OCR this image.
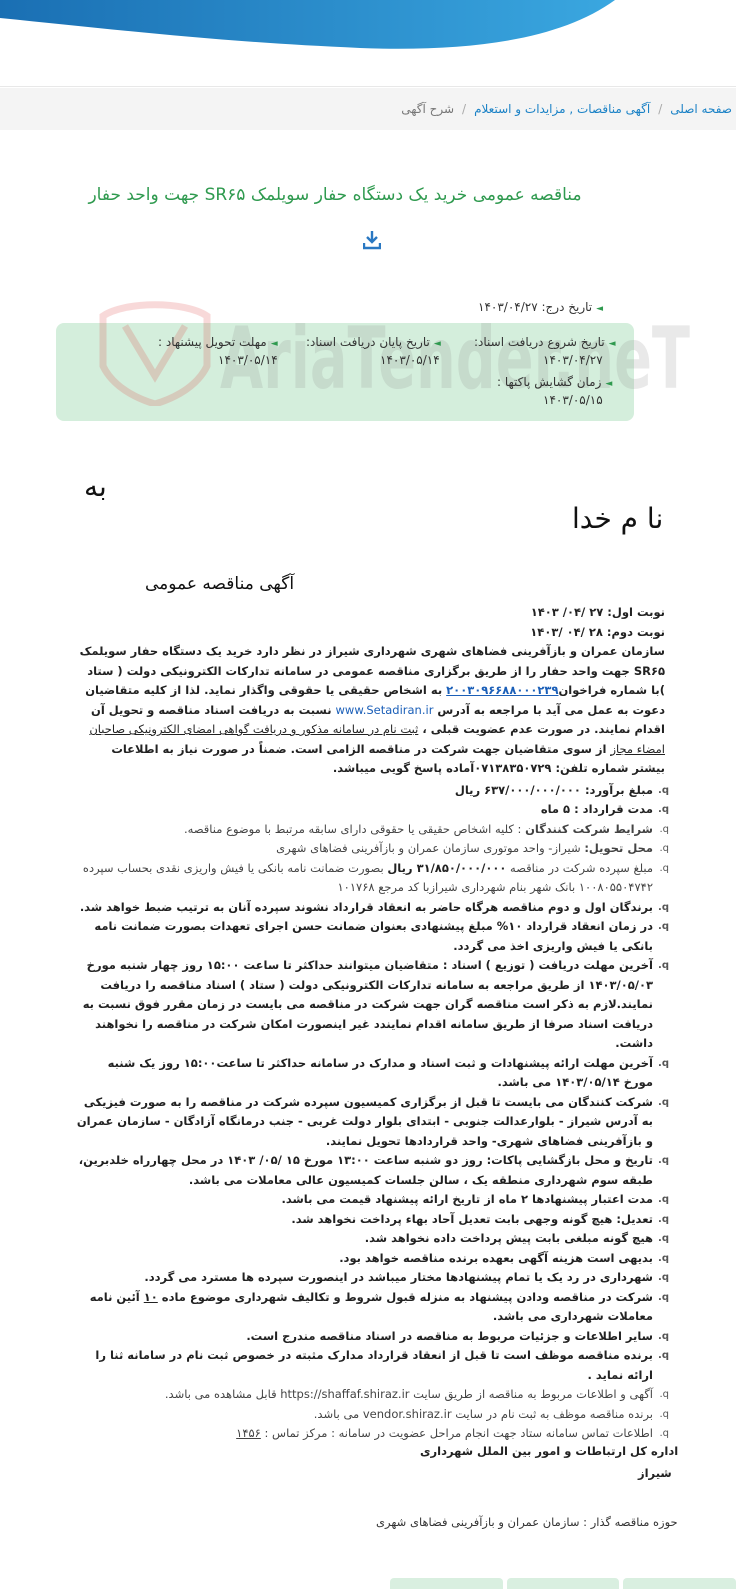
صفحه اصلی
/
آگهی مناقصات , مزایدات و استعلام
/
شرح آگهی
مناقصه عمومی خرید یک دستگاه حفار سویلمک SR۶۵ جهت واحد حفار
AriaTender.neT
◄تاریخ درج: ۱۴۰۳/۰۴/۲۷
◄تاریخ شروع دریافت اسناد:
۱۴۰۳/۰۴/۲۷
◄تاریخ پایان دریافت اسناد:
۱۴۰۳/۰۵/۱۴
◄مهلت تحویل پیشنهاد :
۱۴۰۳/۰۵/۱۴
◄زمان گشایش پاکتها :
۱۴۰۳/۰۵/۱۵
به
نا م خدا
آگهی مناقصه عمومی

نوبت اول: ۲۷ /۰۴/ ۱۴۰۳

نوبت دوم: ۲۸ /۰۴ /۱۴۰۳

سازمان عمران و بازآفرینی فضاهای شهری شهرداری شیراز در نظر دارد خرید یک دستگاه حفار سویلمک SR۶۵ جهت واحد حفار را از طریق برگزاری مناقصه عمومی در سامانه تدارکات الکترونیکی دولت ( ستاد )با شماره فراخوان۲۰۰۳۰۹۶۶۸۸۰۰۰۲۳۹ به اشخاص حقیقی یا حقوقی واگذار نماید. لذا از کلیه متقاضیان دعوت به عمل می آید با مراجعه به آدرس www.Setadiran.ir نسبت به دریافت اسناد مناقصه و تحویل آن اقدام نمایند. در صورت عدم عضویت قبلی ، ثبت نام در سامانه مذکور و دریافت گواهی امضای الکترونیکی صاحبان امضاء مجاز از سوی متقاضیان جهت شرکت در مناقصه الزامی است. ضمناً در صورت نیاز به اطلاعات بیشتر شماره تلفن: ۰۷۱۳۸۳۵۰۷۲۹آماده پاسخ گویی میباشد.

q. مبلغ برآورد: ۶۳۷/۰۰۰/۰۰۰/۰۰۰ ریال
q. مدت قرارداد : ۵ ماه
q. شرایط شرکت کنندگان : کلیه اشخاص حقیقی یا حقوقی دارای سابقه مرتبط با موضوع مناقصه.
q. محل تحویل: شیراز- واحد موتوری سازمان عمران و بازآفرینی فضاهای شهری
q. مبلغ سپرده شرکت در مناقصه ۳۱/۸۵۰/۰۰۰/۰۰۰ ریال بصورت ضمانت نامه بانکی یا فیش واریزی نقدی بحساب سپرده ۱۰۰۸۰۵۵۰۴۷۴۲ بانک شهر بنام شهرداری شیرازبا کد مرجع ۱۰۱۷۶۸
q. برندگان اول و دوم مناقصه هرگاه حاضر به انعقاد قرارداد نشوند سپرده آنان به ترتیب ضبط خواهد شد.
q. در زمان انعقاد قرارداد ۱۰% مبلغ پیشنهادی بعنوان ضمانت حسن اجرای تعهدات بصورت ضمانت نامه بانکی یا فیش واریزی اخذ می گردد.
q. آخرین مهلت دریافت ( توزیع ) اسناد : متقاضیان میتوانند حداکثر تا ساعت ۱۵:۰۰ روز چهار شنبه مورخ ۱۴۰۳/۰۵/۰۳ از طریق مراجعه به سامانه تدارکات الکترونیکی دولت ( ستاد ) اسناد مناقصه را دریافت نمایند.لازم به ذکر است مناقصه گران جهت شرکت در مناقصه می بایست در زمان مقرر فوق نسبت به دریافت اسناد صرفا از طریق سامانه اقدام نمایندد غیر اینصورت امکان شرکت در مناقصه را نخواهند داشت.
q. آخرین مهلت ارائه پیشنهادات و ثبت اسناد و مدارک در سامانه حداکثر تا ساعت۱۵:۰۰ روز یک شنبه مورخ ۱۴۰۳/۰۵/۱۴ می باشد.
q. شرکت کنندگان می بایست تا قبل از برگزاری کمیسیون سپرده شرکت در مناقصه را به صورت فیزیکی به آدرس شیراز - بلوارعدالت جنوبی - ابتدای بلوار دولت غربی - جنب درمانگاه آزادگان - سازمان عمران و بازآفرینی فضاهای شهری- واحد قراردادها تحویل نمایند.
q. تاریخ و محل بازگشایی پاکات: روز دو شنبه ساعت ۱۳:۰۰ مورخ ۱۵ /۰۵/ ۱۴۰۳ در محل چهارراه خلدبرین، طبقه سوم شهرداری منطقه یک ، سالن جلسات کمیسیون عالی معاملات می باشد.
q. مدت اعتبار پیشنهادها ۲ ماه از تاریخ ارائه پیشنهاد قیمت می باشد.
q. تعدیل: هیچ گونه وجهی بابت تعدیل آحاد بهاء پرداخت نخواهد شد.
q. هیچ گونه مبلغی بابت پیش پرداخت داده نخواهد شد.
q. بدیهی است هزینه آگهی بعهده برنده مناقصه خواهد بود.
q. شهرداری در رد یک یا تمام پیشنهادها مختار میباشد در اینصورت سپرده ها مسترد می گردد.
q. شرکت در مناقصه ودادن پیشنهاد به منزله قبول شروط و تکالیف شهرداری موضوع ماده ۱۰ آئین نامه معاملات شهرداری می باشد.
q. سایر اطلاعات و جزئیات مربوط به مناقصه در اسناد مناقصه مندرج است.
q. برنده مناقصه موظف است تا قبل از انعقاد قرارداد مدارک مثبته در خصوص ثبت نام در سامانه ثنا را ارائه نماید .
q. آگهی و اطلاعات مربوط به مناقصه از طریق سایت https://shaffaf.shiraz.ir قابل مشاهده می باشد.
q. برنده مناقصه موظف به ثبت نام در سایت vendor.shiraz.ir می باشد.
q. اطلاعات تماس سامانه ستاد جهت انجام مراحل عضویت در سامانه : مرکز تماس : ۱۴۵۶
اداره کل ارتباطات و امور بین الملل شهرداری
شیراز
حوزه مناقصه گذار : سازمان عمران و بازآفرینی فضاهای شهری
